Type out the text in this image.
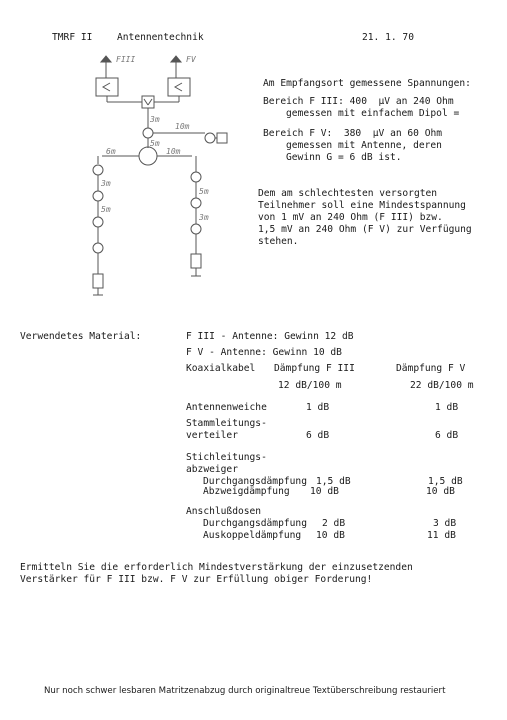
TMRF II	Antennentechnik	21. 1. 70
FIII	FV
3m
10m
5m
6m	10m
3m
5m
5m
3m
Am Empfangsort gemessene Spannungen:
Bereich F III: 400  µV an 240 Ohm
gemessen mit einfachem Dipol =
Bereich F V:  380  µV an 60 Ohm
gemessen mit Antenne, deren
Gewinn G = 6 dB ist.
Dem am schlechtesten versorgten
Teilnehmer soll eine Mindestspannung
von 1 mV an 240 Ohm (F III) bzw.
1,5 mV an 240 Ohm (F V) zur Verfügung
stehen.
Verwendetes Material:	F III - Antenne: Gewinn 12 dB
F V - Antenne: Gewinn 10 dB
Koaxialkabel Dämpfung F III	Dämpfung F V
12 dB/100 m	22 dB/100 m
Antennenweiche	1 dB	1 dB
Stammleitungs-
verteiler	6 dB	6 dB
Stichleitungs-
abzweiger
Durchgangsdämpfung 1,5 dB	1,5 dB
Abzweigdämpfung 10 dB	10 dB
Anschlußdosen
Durchgangsdämpfung 2 dB	3 dB
Auskoppeldämpfung 10 dB	11 dB
Ermitteln Sie die erforderlich Mindestverstärkung der einzusetzenden
Verstärker für F III bzw. F V zur Erfüllung obiger Forderung!
Nur noch schwer lesbaren Matritzenabzug durch originaltreue Textüberschreibung restauriert
